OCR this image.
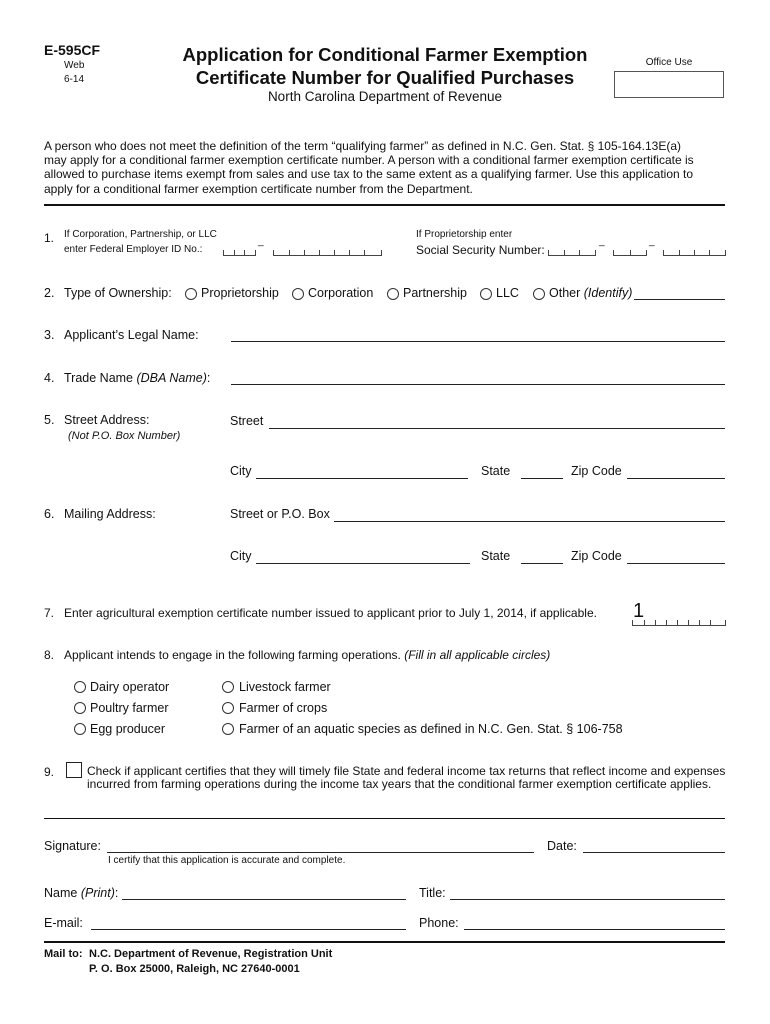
E-595CF
Web
6-14
Application for Conditional Farmer Exemption
Certificate Number for Qualified Purchases
North Carolina Department of Revenue
Office Use
A person who does not meet the definition of the term “qualifying farmer” as defined in N.C. Gen. Stat. § 105-164.13E(a)
may apply for a conditional farmer exemption certificate number. A person with a conditional farmer exemption certificate is
allowed to purchase items exempt from sales and use tax to the same extent as a qualifying farmer. Use this application to
apply for a conditional farmer exemption certificate number from the Department.
1. If Corporation, Partnership, or LLC
enter Federal Employer ID No.:
_
If Proprietorship enter
Social Security Number:
_	_
2. Type of Ownership: Proprietorship Corporation Partnership LLC Other (Identify)
3. Applicant’s Legal Name:
4. Trade Name (DBA Name):
5. Street Address:
(Not P.O. Box Number)
Street
City	State	Zip Code
6. Mailing Address:	Street or P.O. Box
City	State	Zip Code
7. Enter agricultural exemption certificate number issued to applicant prior to July 1, 2014, if applicable. 1
8. Applicant intends to engage in the following farming operations. (Fill in all applicable circles)
Dairy operator
Poultry farmer
Egg producer
Livestock farmer
Farmer of crops
Farmer of an aquatic species as defined in N.C. Gen. Stat. § 106-758
9.	Check if applicant certifies that they will timely file State and federal income tax returns that reflect income and expenses
incurred from farming operations during the income tax years that the conditional farmer exemption certificate applies.
Signature:	Date:
I certify that this application is accurate and complete.
Name (Print):	Title:
E-mail:	Phone:
Mail to: N.C. Department of Revenue, Registration Unit
P. O. Box 25000, Raleigh, NC 27640-0001
